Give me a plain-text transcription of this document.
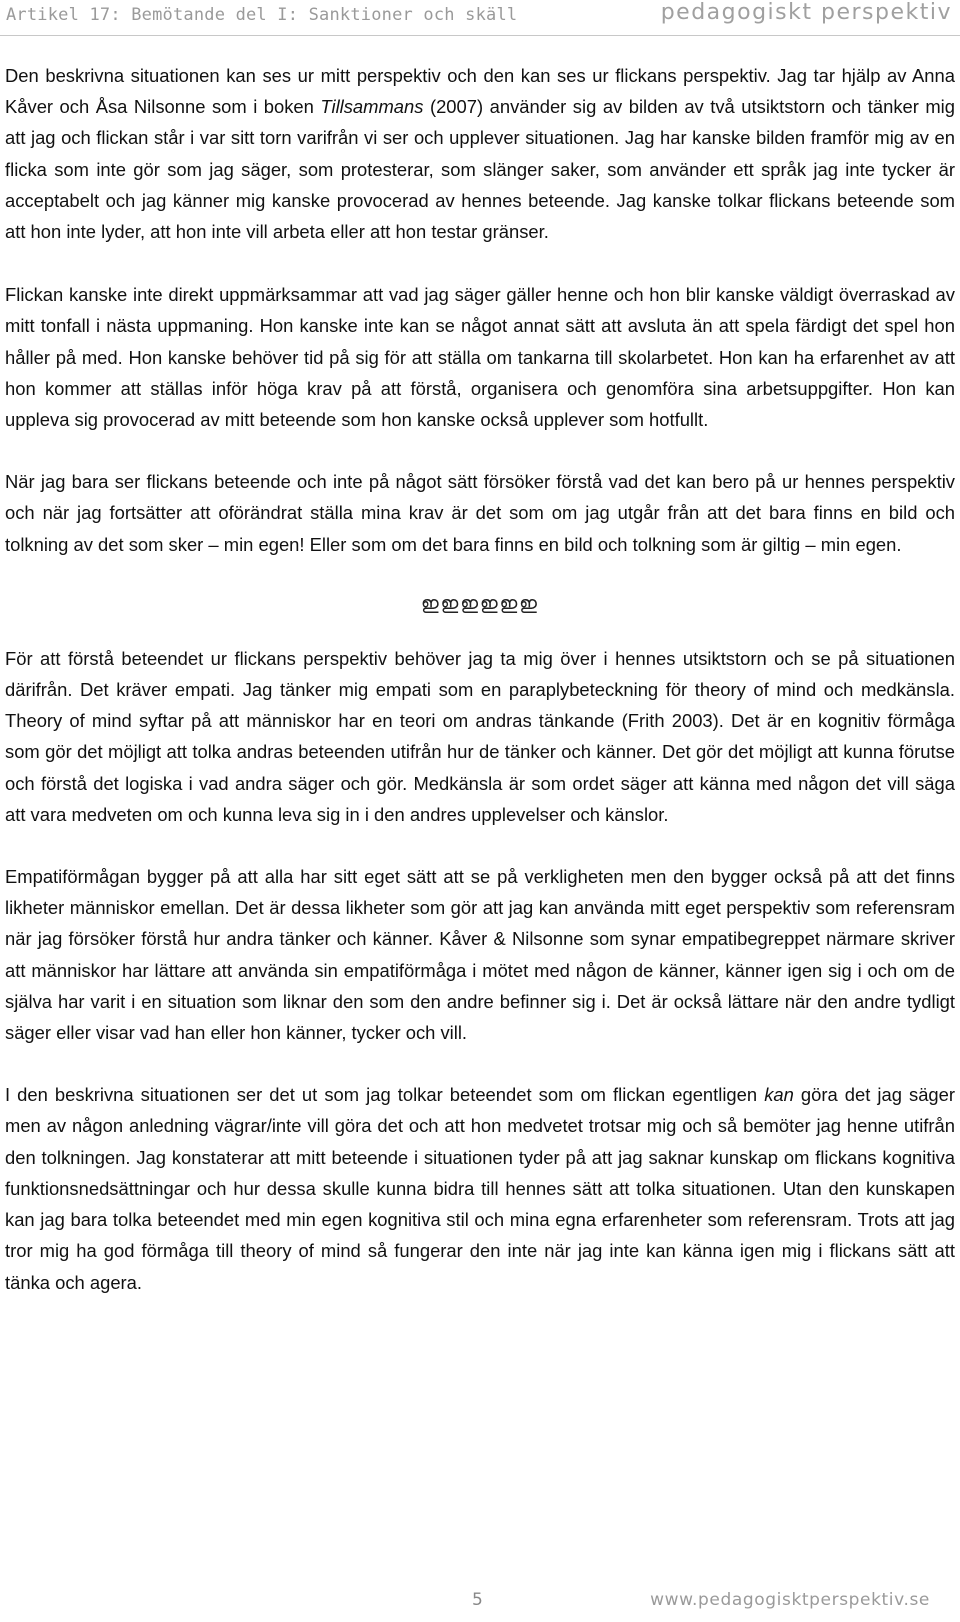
Artikel 17: Bemötande del I: Sanktioner och skäll	pedagogiskt perspektiv

Den beskrivna situationen kan ses ur mitt perspektiv och den kan ses ur flickans perspektiv. Jag tar hjälp av Anna Kåver och Åsa Nilsonne som i boken Tillsammans (2007) använder sig av bilden av två utsiktstorn och tänker mig att jag och flickan står i var sitt torn varifrån vi ser och upplever situationen. Jag har kanske bilden framför mig av en flicka som inte gör som jag säger, som protesterar, som slänger saker, som använder ett språk jag inte tycker är acceptabelt och jag känner mig kanske provocerad av hennes beteende. Jag kanske tolkar flickans beteende som att hon inte lyder, att hon inte vill arbeta eller att hon testar gränser.

Flickan kanske inte direkt uppmärksammar att vad jag säger gäller henne och hon blir kanske väldigt överraskad av mitt tonfall i nästa uppmaning. Hon kanske inte kan se något annat sätt att avsluta än att spela färdigt det spel hon håller på med. Hon kanske behöver tid på sig för att ställa om tankarna till skolarbetet. Hon kan ha erfarenhet av att hon kommer att ställas inför höga krav på att förstå, organisera och genomföra sina arbetsuppgifter. Hon kan uppleva sig provocerad av mitt beteende som hon kanske också upplever som hotfullt.

När jag bara ser flickans beteende och inte på något sätt försöker förstå vad det kan bero på ur hennes perspektiv och när jag fortsätter att oförändrat ställa mina krav är det som om jag utgår från att det bara finns en bild och tolkning av det som sker – min egen! Eller som om det bara finns en bild och tolkning som är giltig – min egen.

ഇഇഇഇഇഇ

För att förstå beteendet ur flickans perspektiv behöver jag ta mig över i hennes utsiktstorn och se på situationen därifrån. Det kräver empati. Jag tänker mig empati som en paraplybeteckning för theory of mind och medkänsla. Theory of mind syftar på att människor har en teori om andras tänkande (Frith 2003). Det är en kognitiv förmåga som gör det möjligt att tolka andras beteenden utifrån hur de tänker och känner. Det gör det möjligt att kunna förutse och förstå det logiska i vad andra säger och gör. Medkänsla är som ordet säger att känna med någon det vill säga att vara medveten om och kunna leva sig in i den andres upplevelser och känslor.

Empatiförmågan bygger på att alla har sitt eget sätt att se på verkligheten men den bygger också på att det finns likheter människor emellan. Det är dessa likheter som gör att jag kan använda mitt eget perspektiv som referensram när jag försöker förstå hur andra tänker och känner. Kåver & Nilsonne som synar empatibegreppet närmare skriver att människor har lättare att använda sin empatiförmåga i mötet med någon de känner, känner igen sig i och om de själva har varit i en situation som liknar den som den andre befinner sig i. Det är också lättare när den andre tydligt säger eller visar vad han eller hon känner, tycker och vill.

I den beskrivna situationen ser det ut som jag tolkar beteendet som om flickan egentligen kan göra det jag säger men av någon anledning vägrar/inte vill göra det och att hon medvetet trotsar mig och så bemöter jag henne utifrån den tolkningen. Jag konstaterar att mitt beteende i situationen tyder på att jag saknar kunskap om flickans kognitiva funktionsnedsättningar och hur dessa skulle kunna bidra till hennes sätt att tolka situationen. Utan den kunskapen kan jag bara tolka beteendet med min egen kognitiva stil och mina egna erfarenheter som referensram. Trots att jag tror mig ha god förmåga till theory of mind så fungerar den inte när jag inte kan känna igen mig i flickans sätt att tänka och agera.

5	www.pedagogisktperspektiv.se
